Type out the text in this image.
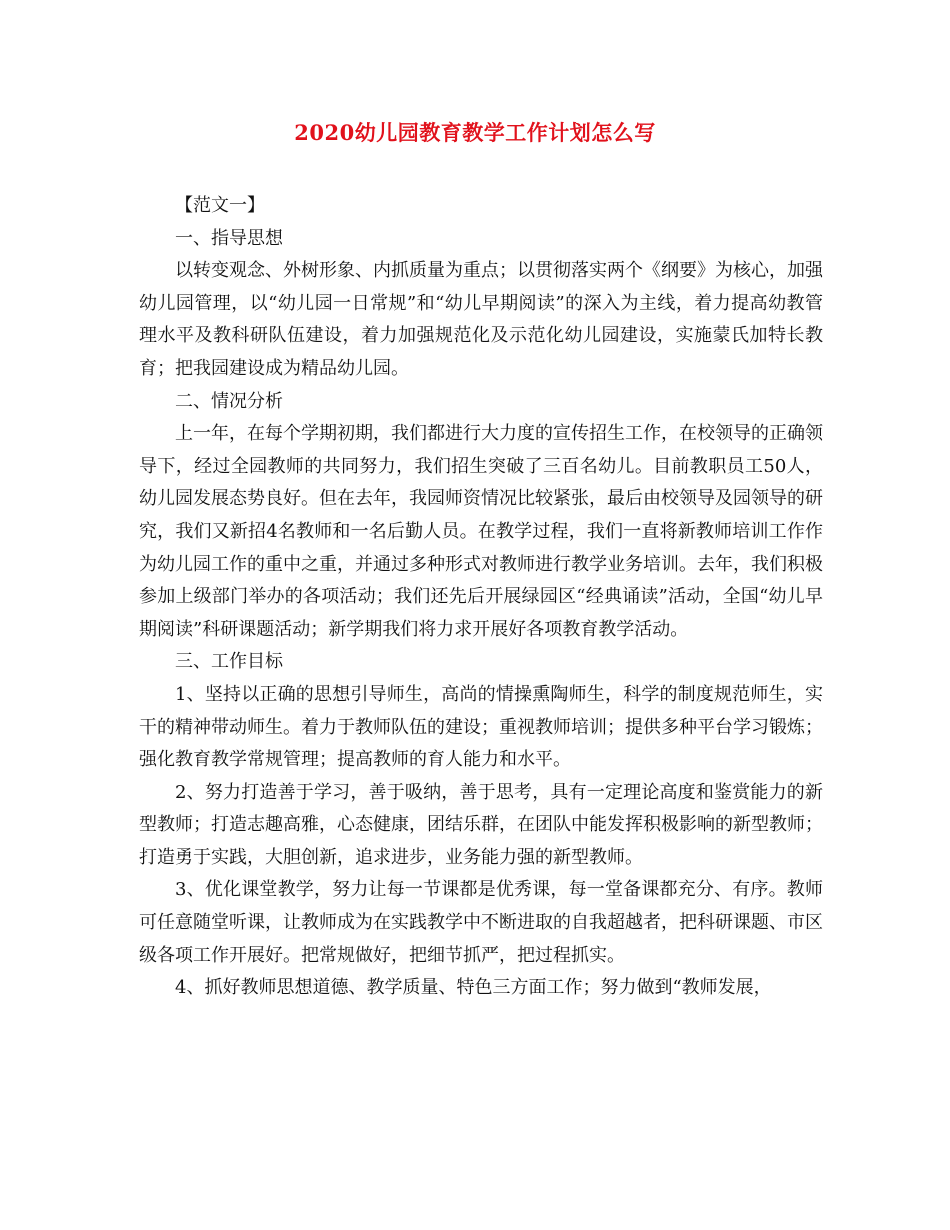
2020幼儿园教育教学工作计划怎么写

【范文一】

一、指导思想

以转变观念、外树形象、内抓质量为重点；以贯彻落实两个《纲要》为核心，加强幼儿园管理，以“幼儿园一日常规”和“幼儿早期阅读”的深入为主线，着力提高幼教管理水平及教科研队伍建设，着力加强规范化及示范化幼儿园建设，实施蒙氏加特长教育；把我园建设成为精品幼儿园。

二、情况分析

上一年，在每个学期初期，我们都进行大力度的宣传招生工作，在校领导的正确领导下，经过全园教师的共同努力，我们招生突破了三百名幼儿。目前教职员工50人，幼儿园发展态势良好。但在去年，我园师资情况比较紧张，最后由校领导及园领导的研究，我们又新招4名教师和一名后勤人员。在教学过程，我们一直将新教师培训工作作为幼儿园工作的重中之重，并通过多种形式对教师进行教学业务培训。去年，我们积极参加上级部门举办的各项活动；我们还先后开展绿园区“经典诵读”活动，全国“幼儿早期阅读”科研课题活动；新学期我们将力求开展好各项教育教学活动。

三、工作目标

1、坚持以正确的思想引导师生，高尚的情操熏陶师生，科学的制度规范师生，实干的精神带动师生。着力于教师队伍的建设；重视教师培训；提供多种平台学习锻炼；强化教育教学常规管理；提高教师的育人能力和水平。

2、努力打造善于学习，善于吸纳，善于思考，具有一定理论高度和鉴赏能力的新型教师；打造志趣高雅，心态健康，团结乐群，在团队中能发挥积极影响的新型教师；打造勇于实践，大胆创新，追求进步，业务能力强的新型教师。

3、优化课堂教学，努力让每一节课都是优秀课，每一堂备课都充分、有序。教师可任意随堂听课，让教师成为在实践教学中不断进取的自我超越者，把科研课题、市区级各项工作开展好。把常规做好，把细节抓严，把过程抓实。

4、抓好教师思想道德、教学质量、特色三方面工作；努力做到“教师发展，
